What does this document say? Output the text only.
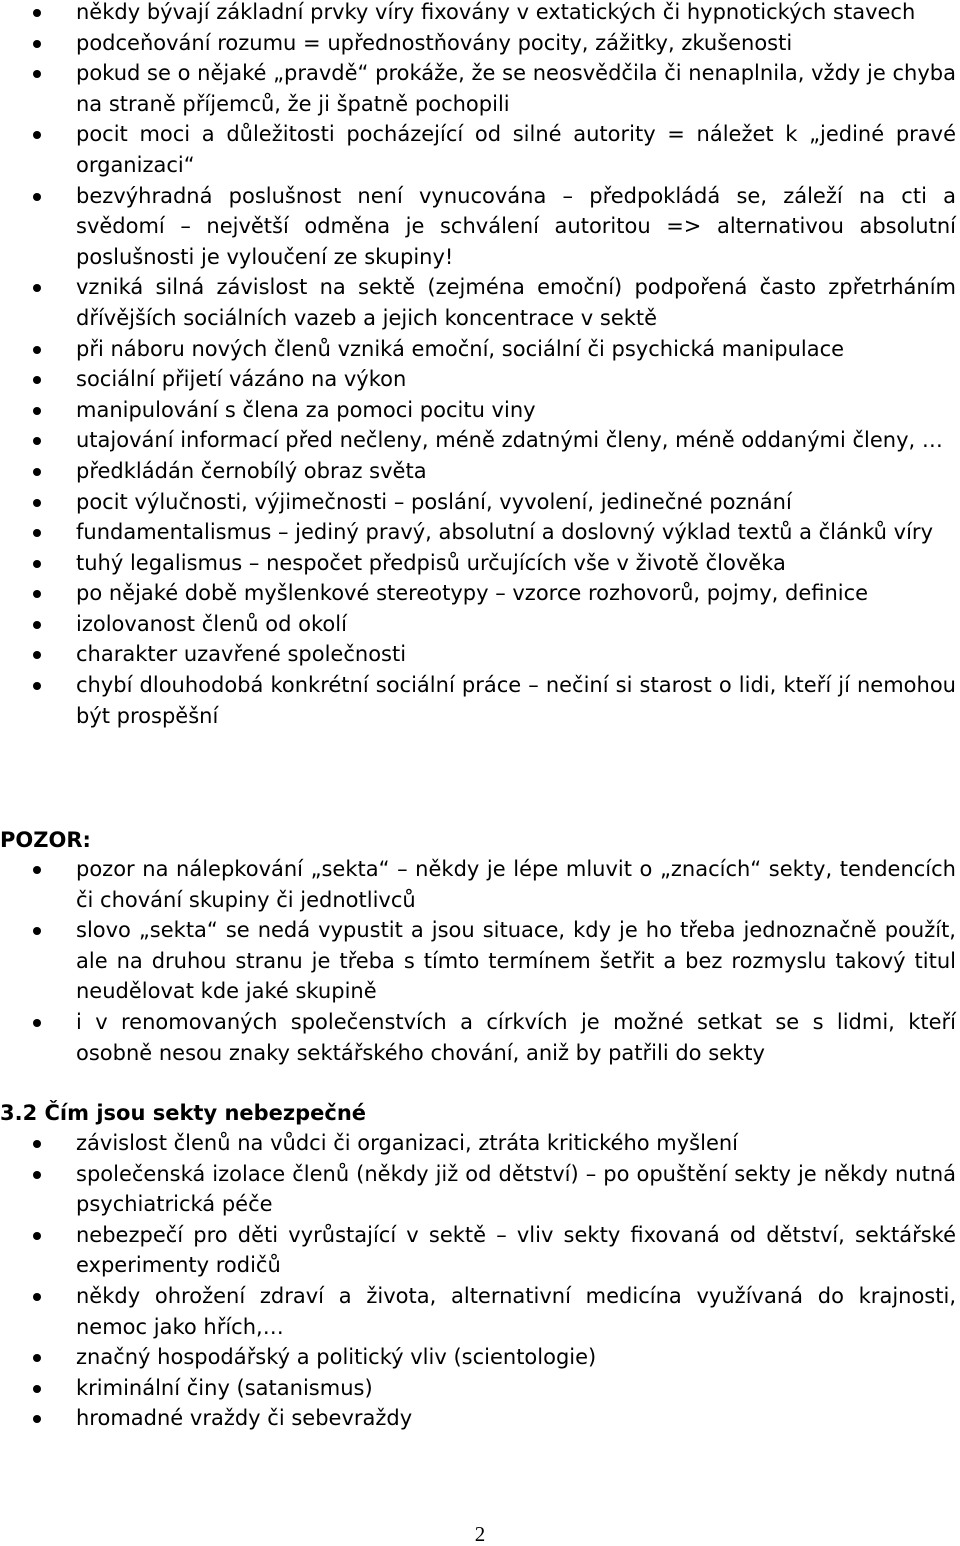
někdy bývají základní prvky víry fixovány v extatických či hypnotických stavech
podceňování rozumu = upřednostňovány pocity, zážitky, zkušenosti
pokud se o nějaké „pravdě“ prokáže, že se neosvědčila či nenaplnila, vždy je chyba na straně příjemců, že ji špatně pochopili
pocit moci a důležitosti pocházející od silné autority = náležet k „jediné pravé organizaci“
bezvýhradná poslušnost není vynucována – předpokládá se, záleží na cti a svědomí – největší odměna je schválení autoritou => alternativou absolutní poslušnosti je vyloučení ze skupiny!
vzniká silná závislost na sektě (zejména emoční) podpořená často zpřetrháním dřívějších sociálních vazeb a jejich koncentrace v sektě
při náboru nových členů vzniká emoční, sociální či psychická manipulace
sociální přijetí vázáno na výkon
manipulování s člena za pomoci pocitu viny
utajování informací před nečleny, méně zdatnými členy, méně oddanými členy, …
předkládán černobílý obraz světa
pocit výlučnosti, výjimečnosti – poslání, vyvolení, jedinečné poznání
fundamentalismus – jediný pravý, absolutní a doslovný výklad textů a článků víry
tuhý legalismus – nespočet předpisů určujících vše v životě člověka
po nějaké době myšlenkové stereotypy – vzorce rozhovorů, pojmy, definice
izolovanost členů od okolí
charakter uzavřené společnosti
chybí dlouhodobá konkrétní sociální práce – nečiní si starost o lidi, kteří jí nemohou být prospěšní

POZOR:

pozor na nálepkování „sekta“ – někdy je lépe mluvit o „znacích“ sekty, tendencích či chování skupiny či jednotlivců
slovo „sekta“ se nedá vypustit a jsou situace, kdy je ho třeba jednoznačně použít, ale na druhou stranu je třeba s tímto termínem šetřit a bez rozmyslu takový titul neudělovat kde jaké skupině
i v renomovaných společenstvích a církvích je možné setkat se s lidmi, kteří osobně nesou znaky sektářského chování, aniž by patřili do sekty

3.2 Čím jsou sekty nebezpečné

závislost členů na vůdci či organizaci, ztráta kritického myšlení
společenská izolace členů (někdy již od dětství) – po opuštění sekty je někdy nutná psychiatrická péče
nebezpečí pro děti vyrůstající v sektě – vliv sekty fixovaná od dětství, sektářské experimenty rodičů
někdy ohrožení zdraví a života, alternativní medicína využívaná do krajnosti, nemoc jako hřích,…
značný hospodářský a politický vliv (scientologie)
kriminální činy (satanismus)
hromadné vraždy či sebevraždy
2
